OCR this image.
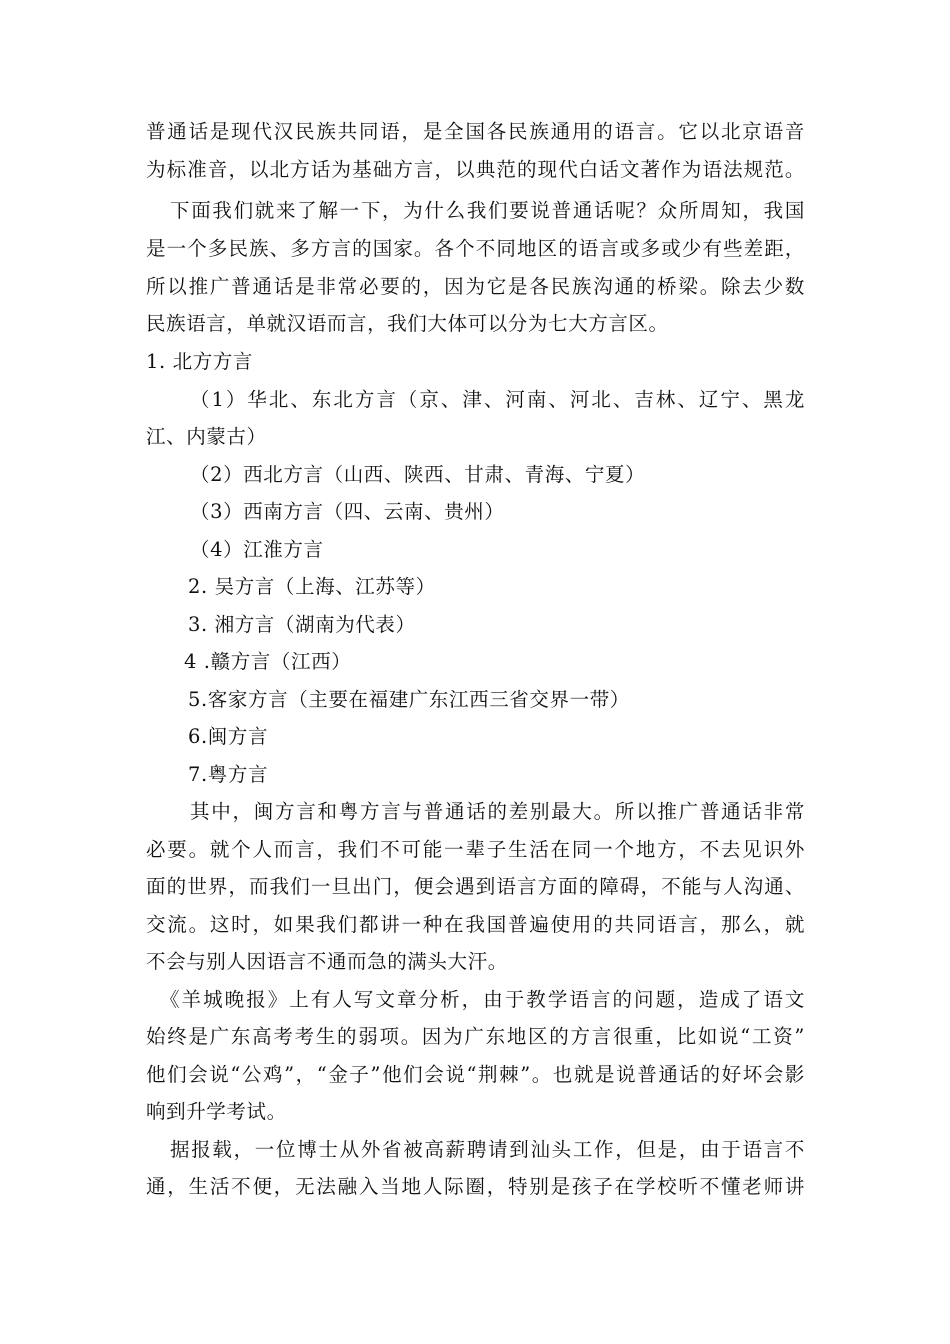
普通话是现代汉民族共同语，是全国各民族通用的语言。它以北京语音
为标准音，以北方话为基础方言，以典范的现代白话文著作为语法规范。
下面我们就来了解一下，为什么我们要说普通话呢？众所周知，我国
是一个多民族、多方言的国家。各个不同地区的语言或多或少有些差距，
所以推广普通话是非常必要的，因为它是各民族沟通的桥梁。除去少数
民族语言，单就汉语而言，我们大体可以分为七大方言区。
1. 北方方言
（1）华北、东北方言（京、津、河南、河北、吉林、辽宁、黑龙
江、内蒙古）
（2）西北方言（山西、陕西、甘肃、青海、宁夏）
（3）西南方言（四、云南、贵州）
（4）江淮方言
2. 吴方言（上海、江苏等）
3. 湘方言（湖南为代表）
4 .赣方言（江西）
5.客家方言（主要在福建广东江西三省交界一带）
6.闽方言
7.粤方言
其中，闽方言和粤方言与普通话的差别最大。所以推广普通话非常
必要。就个人而言，我们不可能一辈子生活在同一个地方，不去见识外
面的世界，而我们一旦出门，便会遇到语言方面的障碍，不能与人沟通、
交流。这时，如果我们都讲一种在我国普遍使用的共同语言，那么，就
不会与别人因语言不通而急的满头大汗。
《羊城晚报》上有人写文章分析，由于教学语言的问题，造成了语文
始终是广东高考考生的弱项。因为广东地区的方言很重，比如说“工资”
他们会说“公鸡”，“金子”他们会说“荆棘”。也就是说普通话的好坏会影
响到升学考试。
据报载，一位博士从外省被高薪聘请到汕头工作，但是，由于语言不
通，生活不便，无法融入当地人际圈，特别是孩子在学校听不懂老师讲
